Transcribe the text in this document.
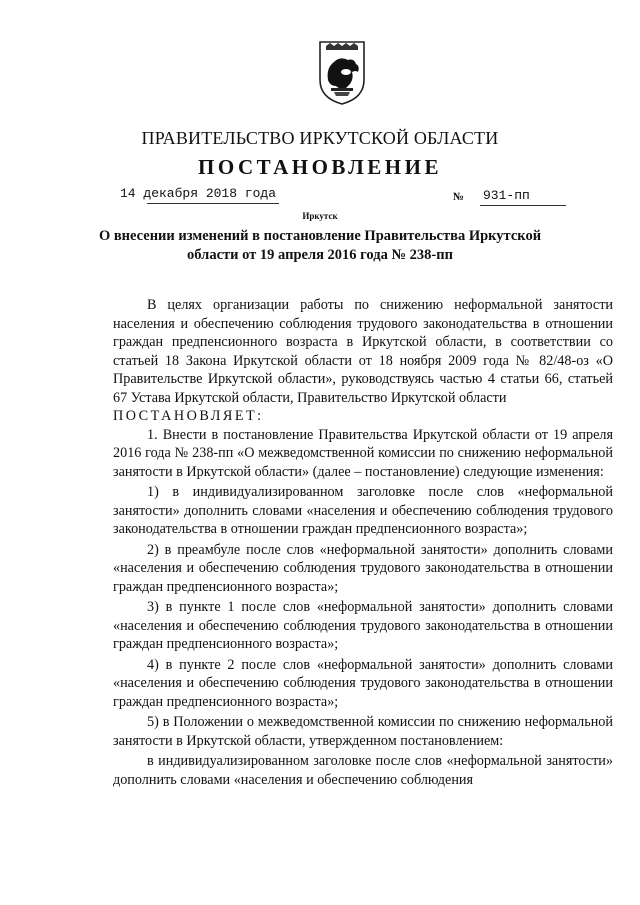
ПРАВИТЕЛЬСТВО ИРКУТСКОЙ ОБЛАСТИ
ПОСТАНОВЛЕНИЕ
14 декабря 2018 года	№ 931-пп
Иркутск
О внесении изменений в постановление Правительства Иркутской
области от 19 апреля 2016 года № 238-пп

В целях организации работы по снижению неформальной занятости населения и обеспечению соблюдения трудового законодательства в отношении граждан предпенсионного возраста в Иркутской области, в соответствии со статьей 18 Закона Иркутской области от 18 ноября 2009 года № 82/48-оз «О Правительстве Иркутской области», руководствуясь частью 4 статьи 66, статьей 67 Устава Иркутской области, Правительство Иркутской области

ПОСТАНОВЛЯЕТ:

1. Внести в постановление Правительства Иркутской области от 19 апреля 2016 года № 238-пп «О межведомственной комиссии по снижению неформальной занятости в Иркутской области» (далее – постановление) следующие изменения:

1) в индивидуализированном заголовке после слов «неформальной занятости» дополнить словами «населения и обеспечению соблюдения трудового законодательства в отношении граждан предпенсионного возраста»;

2) в преамбуле после слов «неформальной занятости» дополнить словами «населения и обеспечению соблюдения трудового законодательства в отношении граждан предпенсионного возраста»;

3) в пункте 1 после слов «неформальной занятости» дополнить словами «населения и обеспечению соблюдения трудового законодательства в отношении граждан предпенсионного возраста»;

4) в пункте 2 после слов «неформальной занятости» дополнить словами «населения и обеспечению соблюдения трудового законодательства в отношении граждан предпенсионного возраста»;

5) в Положении о межведомственной комиссии по снижению неформальной занятости в Иркутской области, утвержденном постановлением:

в индивидуализированном заголовке после слов «неформальной занятости» дополнить словами «населения и обеспечению соблюдения
